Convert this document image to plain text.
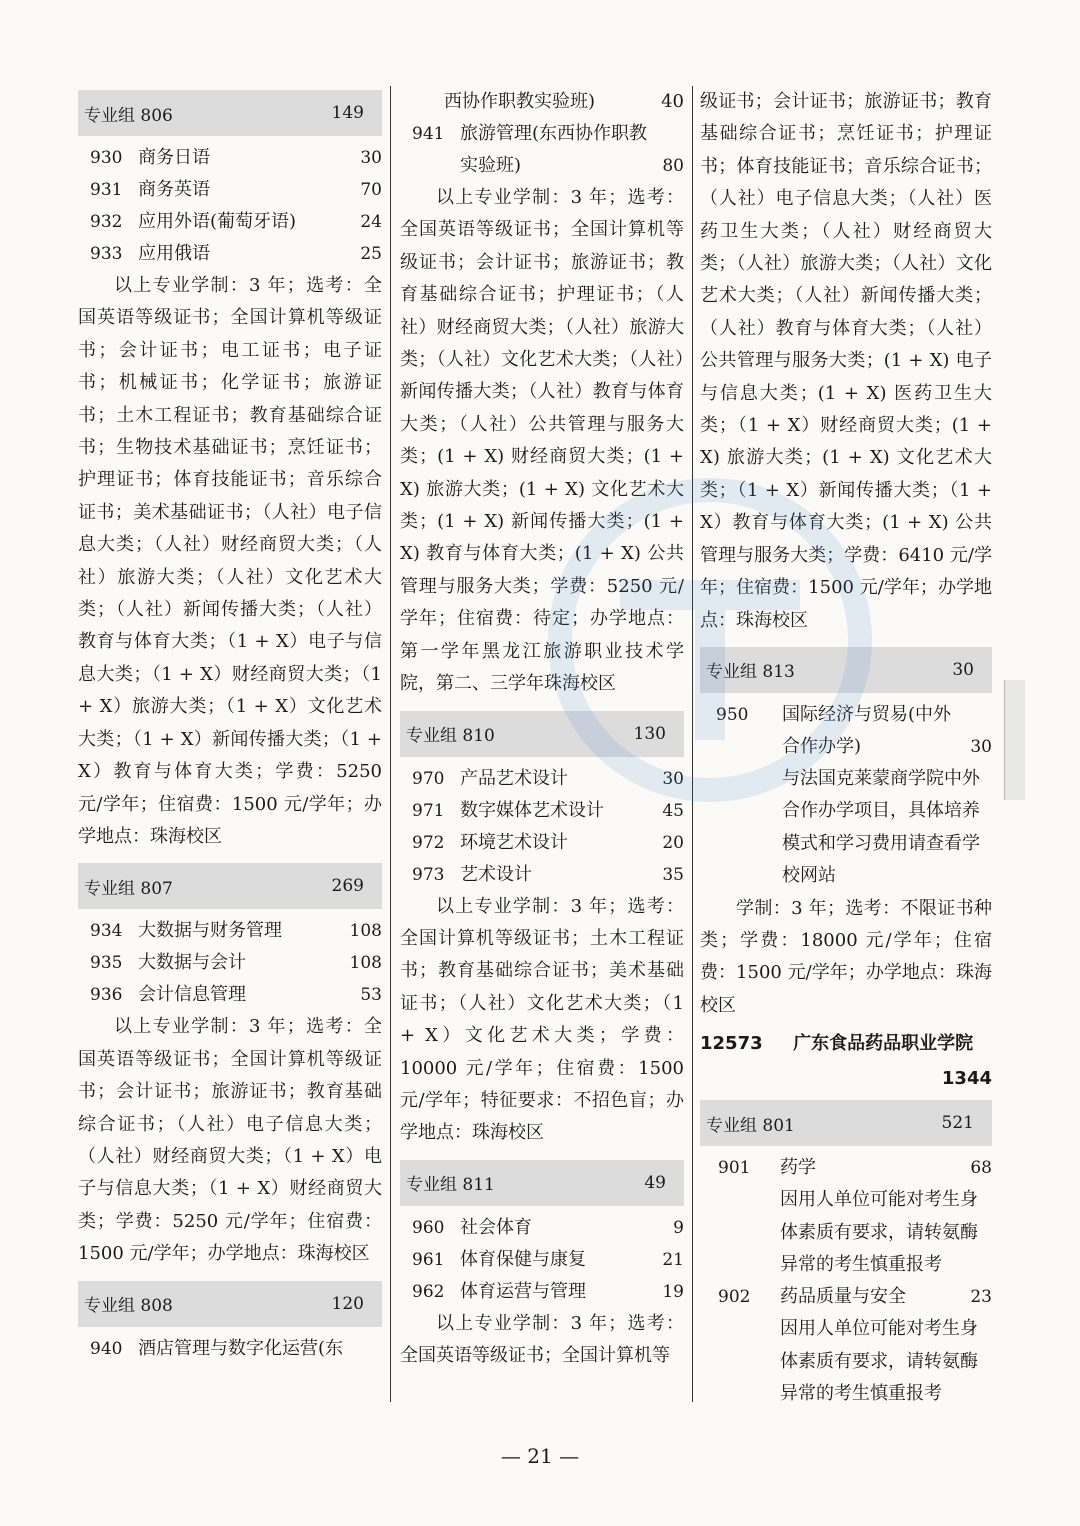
专业组 806	149
930 商务日语	30
931 商务英语	70
932 应用外语(葡萄牙语)	24
933 应用俄语	25

以上专业学制：3 年；选考：全国英语等级证书；全国计算机等级证书；会计证书；电工证书；电子证书；机械证书；化学证书；旅游证书；土木工程证书；教育基础综合证书；生物技术基础证书；烹饪证书；护理证书；体育技能证书；音乐综合证书；美术基础证书；（人社）电子信息大类；（人社）财经商贸大类；（人社）旅游大类；（人社）文化艺术大类；（人社）新闻传播大类；（人社）教育与体育大类；（1 + X）电子与信息大类；（1 + X）财经商贸大类；（1 + X）旅游大类；（1 + X）文化艺术大类；（1 + X）新闻传播大类；（1 + X）教育与体育大类；学费：5250 元/学年；住宿费：1500 元/学年；办学地点：珠海校区

专业组 807	269
934 大数据与财务管理	108
935 大数据与会计	108
936 会计信息管理	53

以上专业学制：3 年；选考：全国英语等级证书；全国计算机等级证书；会计证书；旅游证书；教育基础综合证书；（人社）电子信息大类；（人社）财经商贸大类；（1 + X）电子与信息大类；（1 + X）财经商贸大类；学费：5250 元/学年；住宿费：1500 元/学年；办学地点：珠海校区

专业组 808	120
940 酒店管理与数字化运营(东
西协作职教实验班)	40
941 旅游管理(东西协作职教实验班)	80

以上专业学制：3 年；选考：全国英语等级证书；全国计算机等级证书；会计证书；旅游证书；教育基础综合证书；护理证书；（人社）财经商贸大类；（人社）旅游大类；（人社）文化艺术大类；（人社）新闻传播大类；（人社）教育与体育大类；（人社）公共管理与服务大类；(1 + X) 财经商贸大类；(1 + X) 旅游大类；(1 + X) 文化艺术大类；(1 + X) 新闻传播大类；(1 + X) 教育与体育大类；(1 + X) 公共管理与服务大类；学费：5250 元/学年；住宿费：待定；办学地点：第一学年黑龙江旅游职业技术学院，第二、三学年珠海校区

专业组 810	130
970 产品艺术设计	30
971 数字媒体艺术设计	45
972 环境艺术设计	20
973 艺术设计	35

以上专业学制：3 年；选考：全国计算机等级证书；土木工程证书；教育基础综合证书；美术基础证书；（人社）文化艺术大类；（1 + X）文化艺术大类；学费：10000 元/学年；住宿费：1500 元/学年；特征要求：不招色盲；办学地点：珠海校区

专业组 811	49
960 社会体育	9
961 体育保健与康复	21
962 体育运营与管理	19

以上专业学制：3 年；选考：全国英语等级证书；全国计算机等

级证书；会计证书；旅游证书；教育基础综合证书；烹饪证书；护理证书；体育技能证书；音乐综合证书；（人社）电子信息大类；（人社）医药卫生大类；（人社）财经商贸大类；（人社）旅游大类；（人社）文化艺术大类；（人社）新闻传播大类；（人社）教育与体育大类；（人社）公共管理与服务大类；(1 + X) 电子与信息大类；(1 + X) 医药卫生大类；（1 + X）财经商贸大类；(1 + X) 旅游大类；(1 + X) 文化艺术大类；（1 + X）新闻传播大类；（1 + X）教育与体育大类；(1 + X) 公共管理与服务大类；学费：6410 元/学年；住宿费：1500 元/学年；办学地点：珠海校区

专业组 813	30
950	国际经济与贸易(中外合作办学)	30

与法国克莱蒙商学院中外合作办学项目，具体培养模式和学习费用请查看学校网站

学制：3 年；选考：不限证书种类；学费：18000 元/学年；住宿费：1500 元/学年；办学地点：珠海校区

12573 广东食品药品职业学院
1344
专业组 801	521
901	药学	68

因用人单位可能对考生身体素质有要求，请转氨酶异常的考生慎重报考

902	药品质量与安全	23

因用人单位可能对考生身体素质有要求，请转氨酶异常的考生慎重报考

— 21 —
